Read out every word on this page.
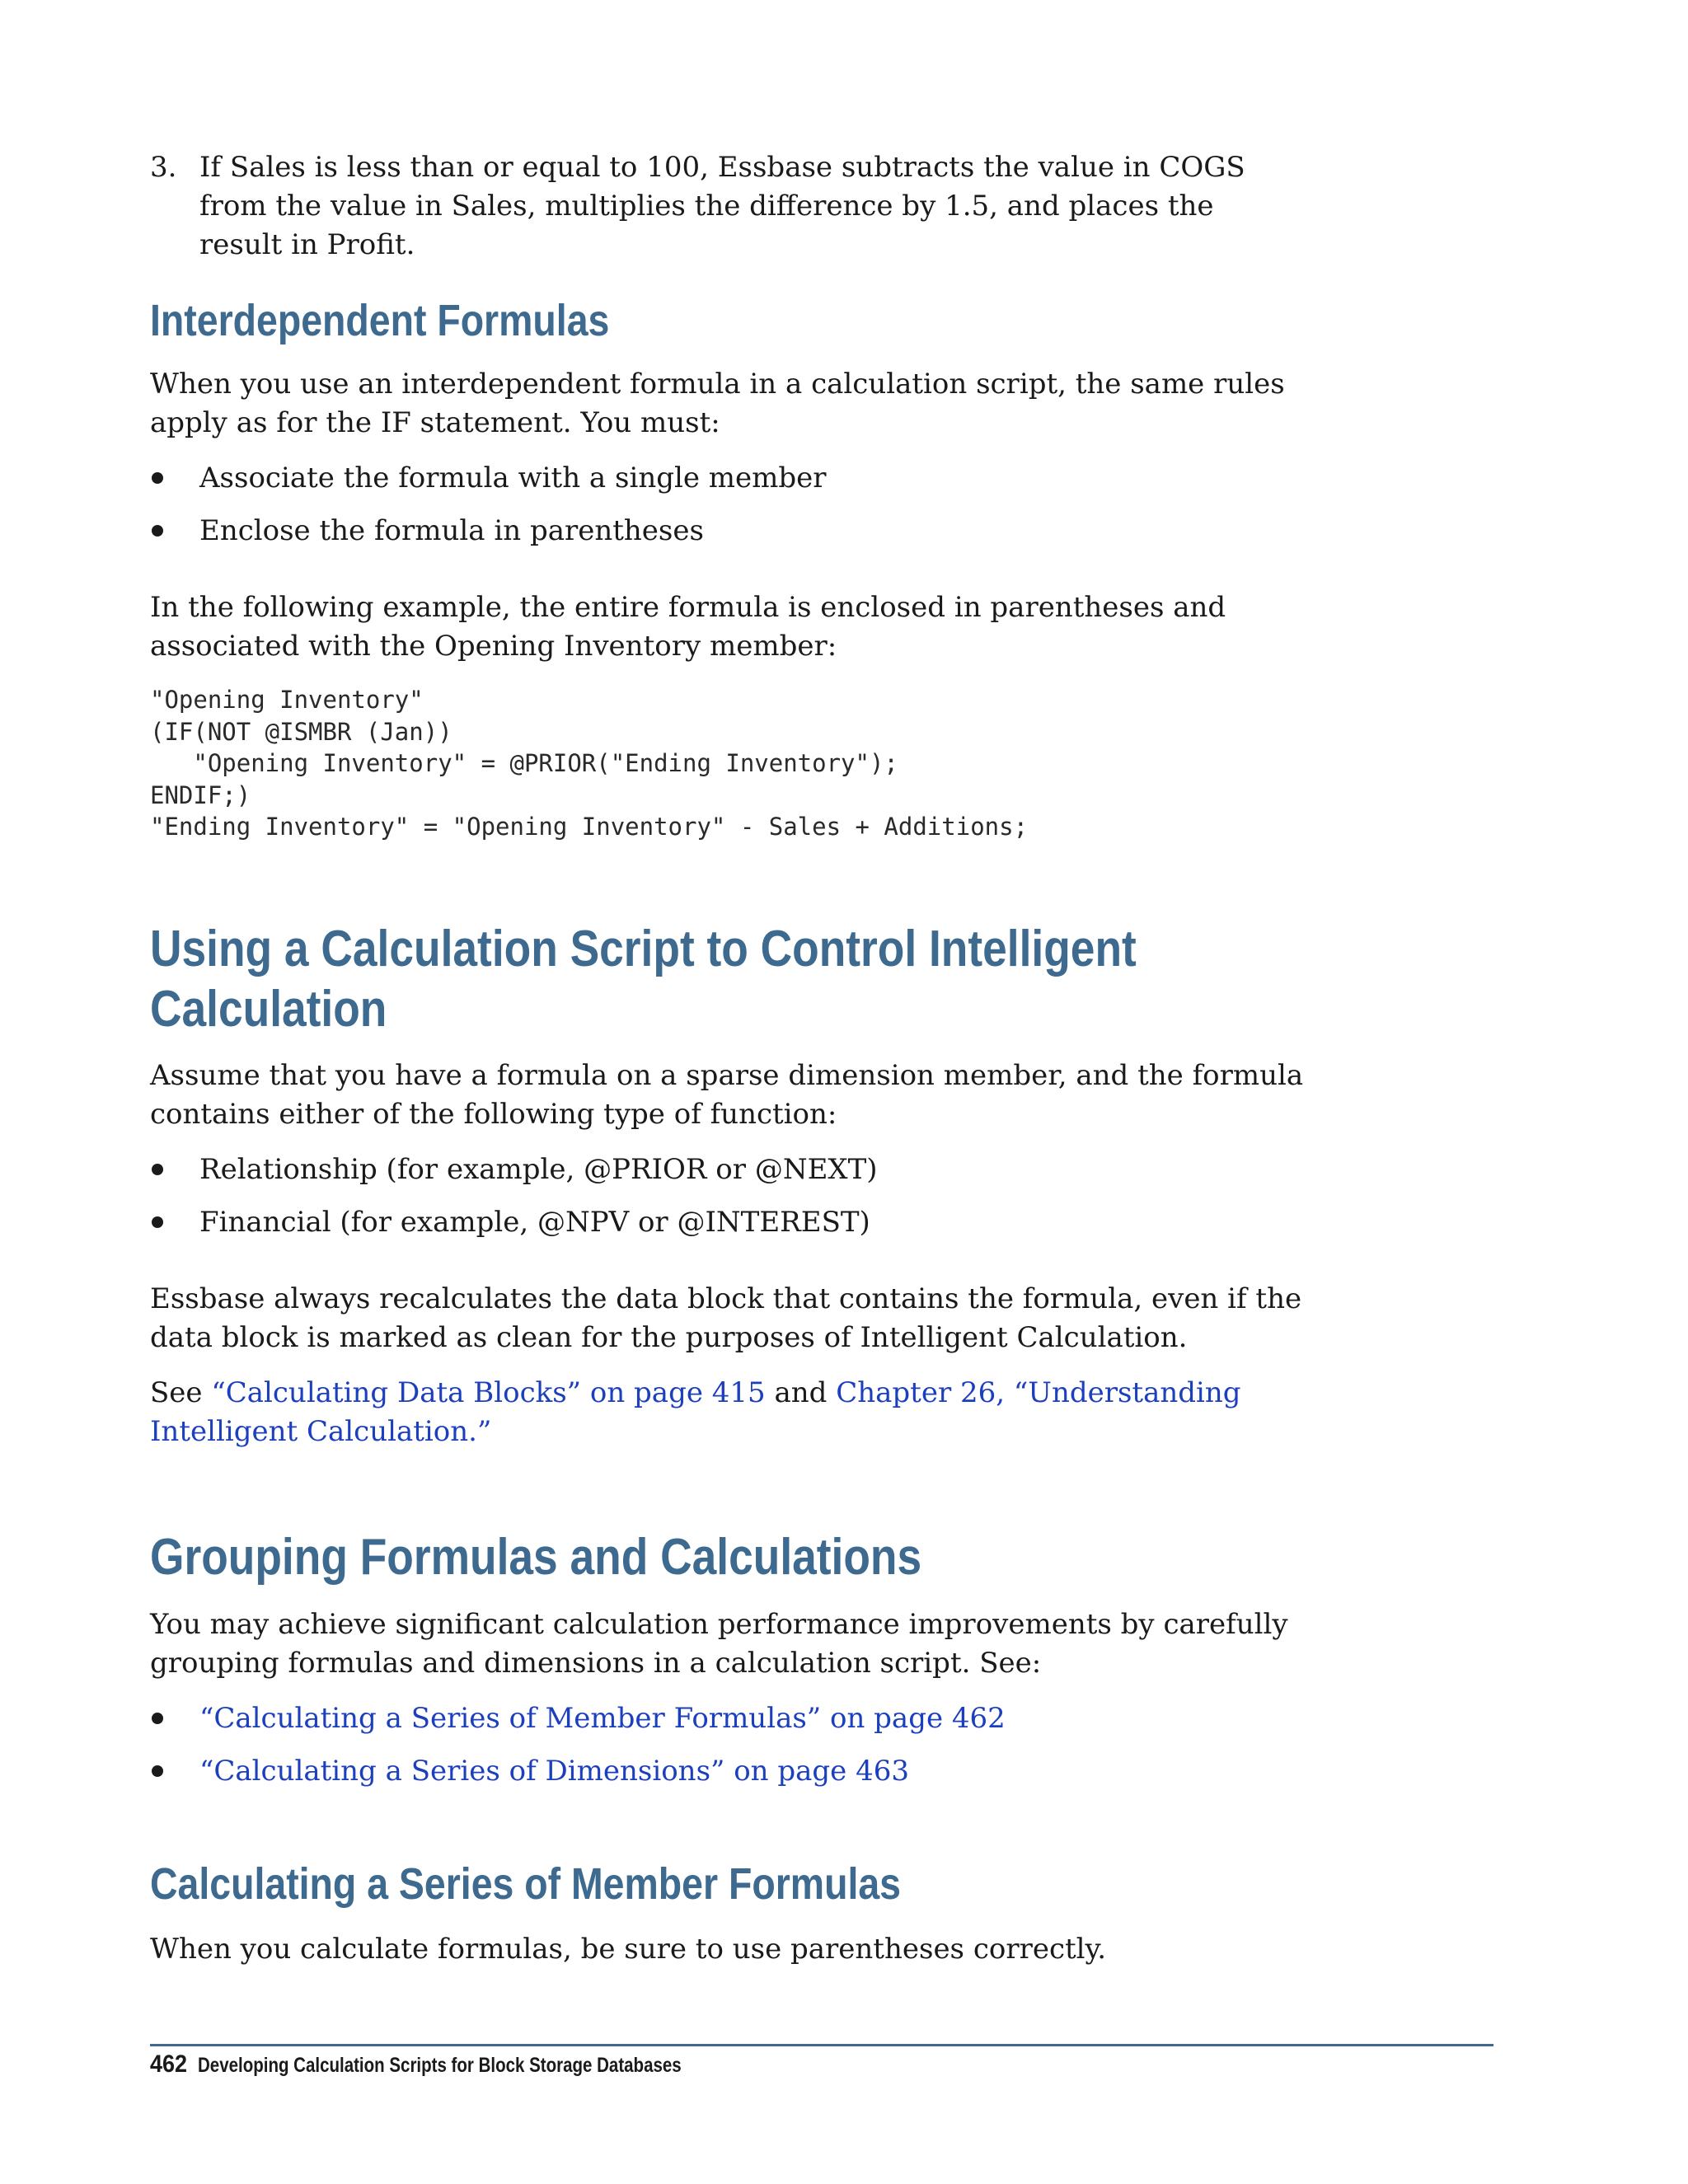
3. If Sales is less than or equal to 100, Essbase subtracts the value in COGS from the value in Sales, multiplies the difference by 1.5, and places the result in Profit.
Interdependent Formulas

When you use an interdependent formula in a calculation script, the same rules apply as for the IF statement. You must:

Associate the formula with a single member
Enclose the formula in parentheses

In the following example, the entire formula is enclosed in parentheses and associated with the Opening Inventory member:

"Opening Inventory"
(IF(NOT @ISMBR (Jan))
"Opening Inventory" = @PRIOR("Ending Inventory");
ENDIF;)
"Ending Inventory" = "Opening Inventory" - Sales + Additions;
Using a Calculation Script to Control Intelligent Calculation

Assume that you have a formula on a sparse dimension member, and the formula contains either of the following type of function:

Relationship (for example, @PRIOR or @NEXT)
Financial (for example, @NPV or @INTEREST)

Essbase always recalculates the data block that contains the formula, even if the data block is marked as clean for the purposes of Intelligent Calculation.

See “Calculating Data Blocks” on page 415 and Chapter 26, “Understanding Intelligent Calculation.”

Grouping Formulas and Calculations

You may achieve significant calculation performance improvements by carefully grouping formulas and dimensions in a calculation script. See:

“Calculating a Series of Member Formulas” on page 462
“Calculating a Series of Dimensions” on page 463
Calculating a Series of Member Formulas

When you calculate formulas, be sure to use parentheses correctly.

462 Developing Calculation Scripts for Block Storage Databases
